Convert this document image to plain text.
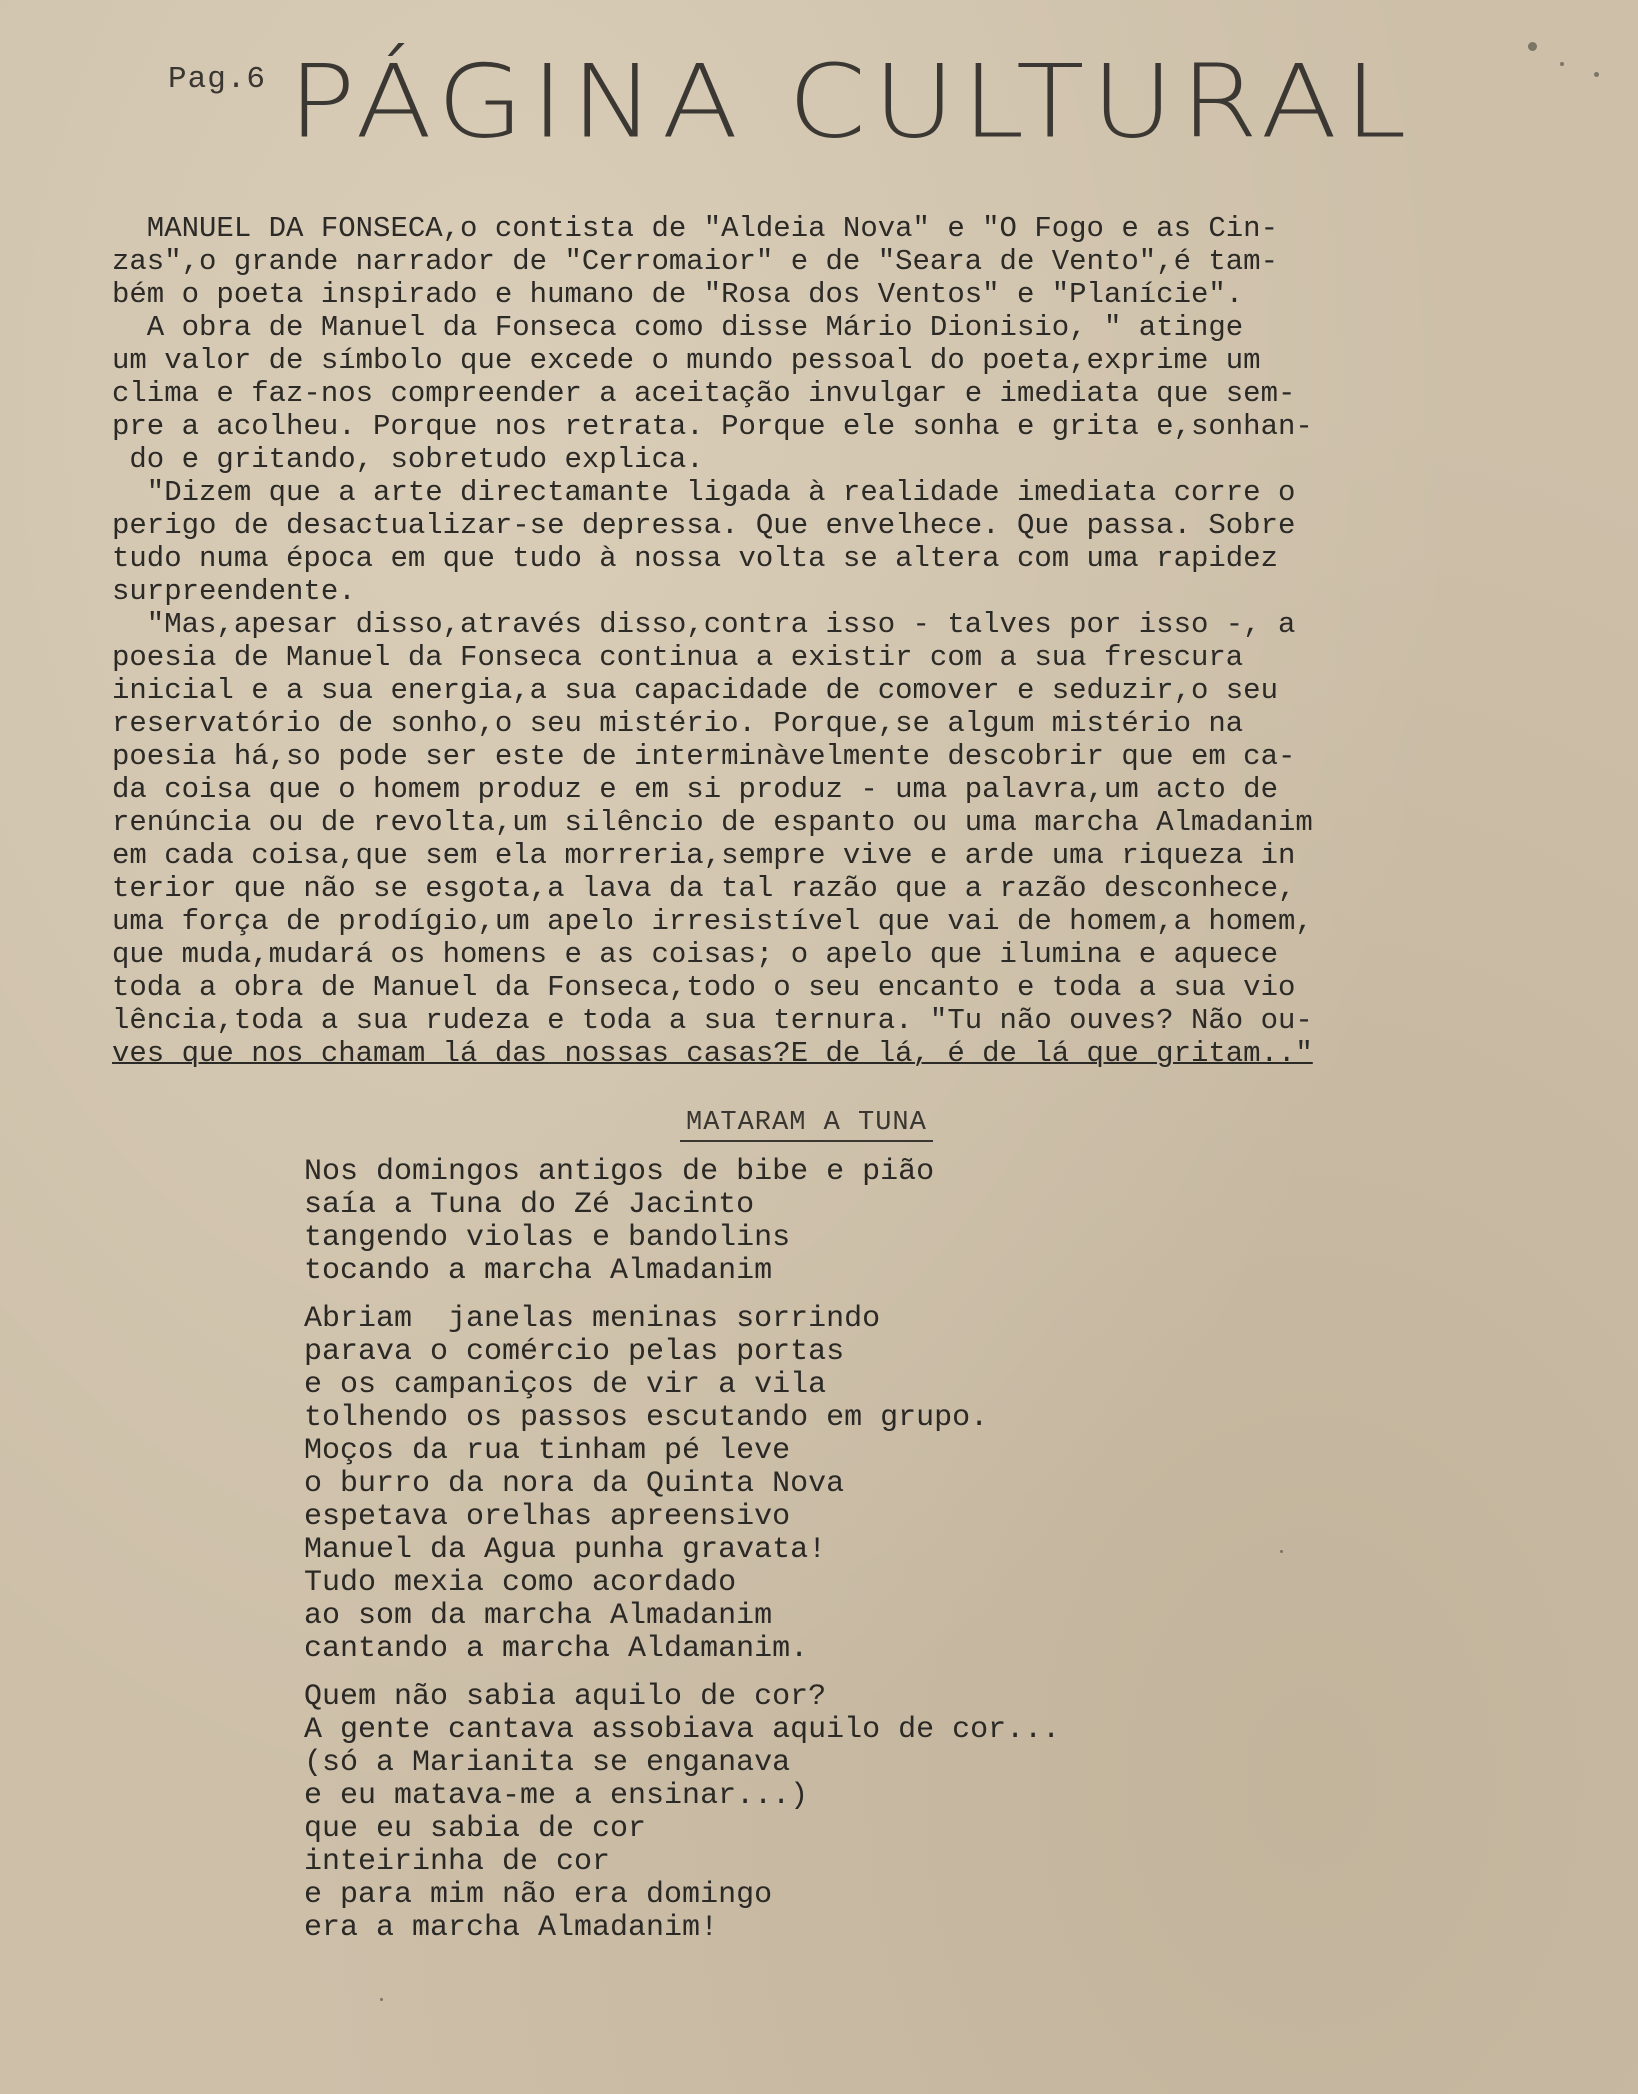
Pag.6 PÁGINA CULTURAL
MANUEL DA FONSECA,o contista de "Aldeia Nova" e "O Fogo e as Cin-
zas",o grande narrador de "Cerromaior" e de "Seara de Vento",é tam-
bém o poeta inspirado e humano de "Rosa dos Ventos" e "Planície".
A obra de Manuel da Fonseca como disse Mário Dionisio, " atinge
um valor de símbolo que excede o mundo pessoal do poeta,exprime um
clima e faz-nos compreender a aceitação invulgar e imediata que sem-
pre a acolheu. Porque nos retrata. Porque ele sonha e grita e,sonhan-
do e gritando, sobretudo explica.
"Dizem que a arte directamante ligada à realidade imediata corre o
perigo de desactualizar-se depressa. Que envelhece. Que passa. Sobre
tudo numa época em que tudo à nossa volta se altera com uma rapidez
surpreendente.
"Mas,apesar disso,através disso,contra isso - talves por isso -, a
poesia de Manuel da Fonseca continua a existir com a sua frescura
inicial e a sua energia,a sua capacidade de comover e seduzir,o seu
reservatório de sonho,o seu mistério. Porque,se algum mistério na
poesia há,so pode ser este de interminàvelmente descobrir que em ca-
da coisa que o homem produz e em si produz - uma palavra,um acto de
renúncia ou de revolta,um silêncio de espanto ou uma marcha Almadanim
em cada coisa,que sem ela morreria,sempre vive e arde uma riqueza in
terior que não se esgota,a lava da tal razão que a razão desconhece,
uma força de prodígio,um apelo irresistível que vai de homem,a homem,
que muda,mudará os homens e as coisas; o apelo que ilumina e aquece
toda a obra de Manuel da Fonseca,todo o seu encanto e toda a sua vio
lência,toda a sua rudeza e toda a sua ternura. "Tu não ouves? Não ou-
ves que nos chamam lá das nossas casas?E de lá, é de lá que gritam.."
MATARAM A TUNA
Nos domingos antigos de bibe e pião
saía a Tuna do Zé Jacinto
tangendo violas e bandolins
tocando a marcha Almadanim
Abriam  janelas meninas sorrindo
parava o comércio pelas portas
e os campaniços de vir a vila
tolhendo os passos escutando em grupo.
Moços da rua tinham pé leve
o burro da nora da Quinta Nova
espetava orelhas apreensivo
Manuel da Agua punha gravata!
Tudo mexia como acordado
ao som da marcha Almadanim
cantando a marcha Aldamanim.
Quem não sabia aquilo de cor?
A gente cantava assobiava aquilo de cor...
(só a Marianita se enganava
e eu matava-me a ensinar...)
que eu sabia de cor
inteirinha de cor
e para mim não era domingo
era a marcha Almadanim!
